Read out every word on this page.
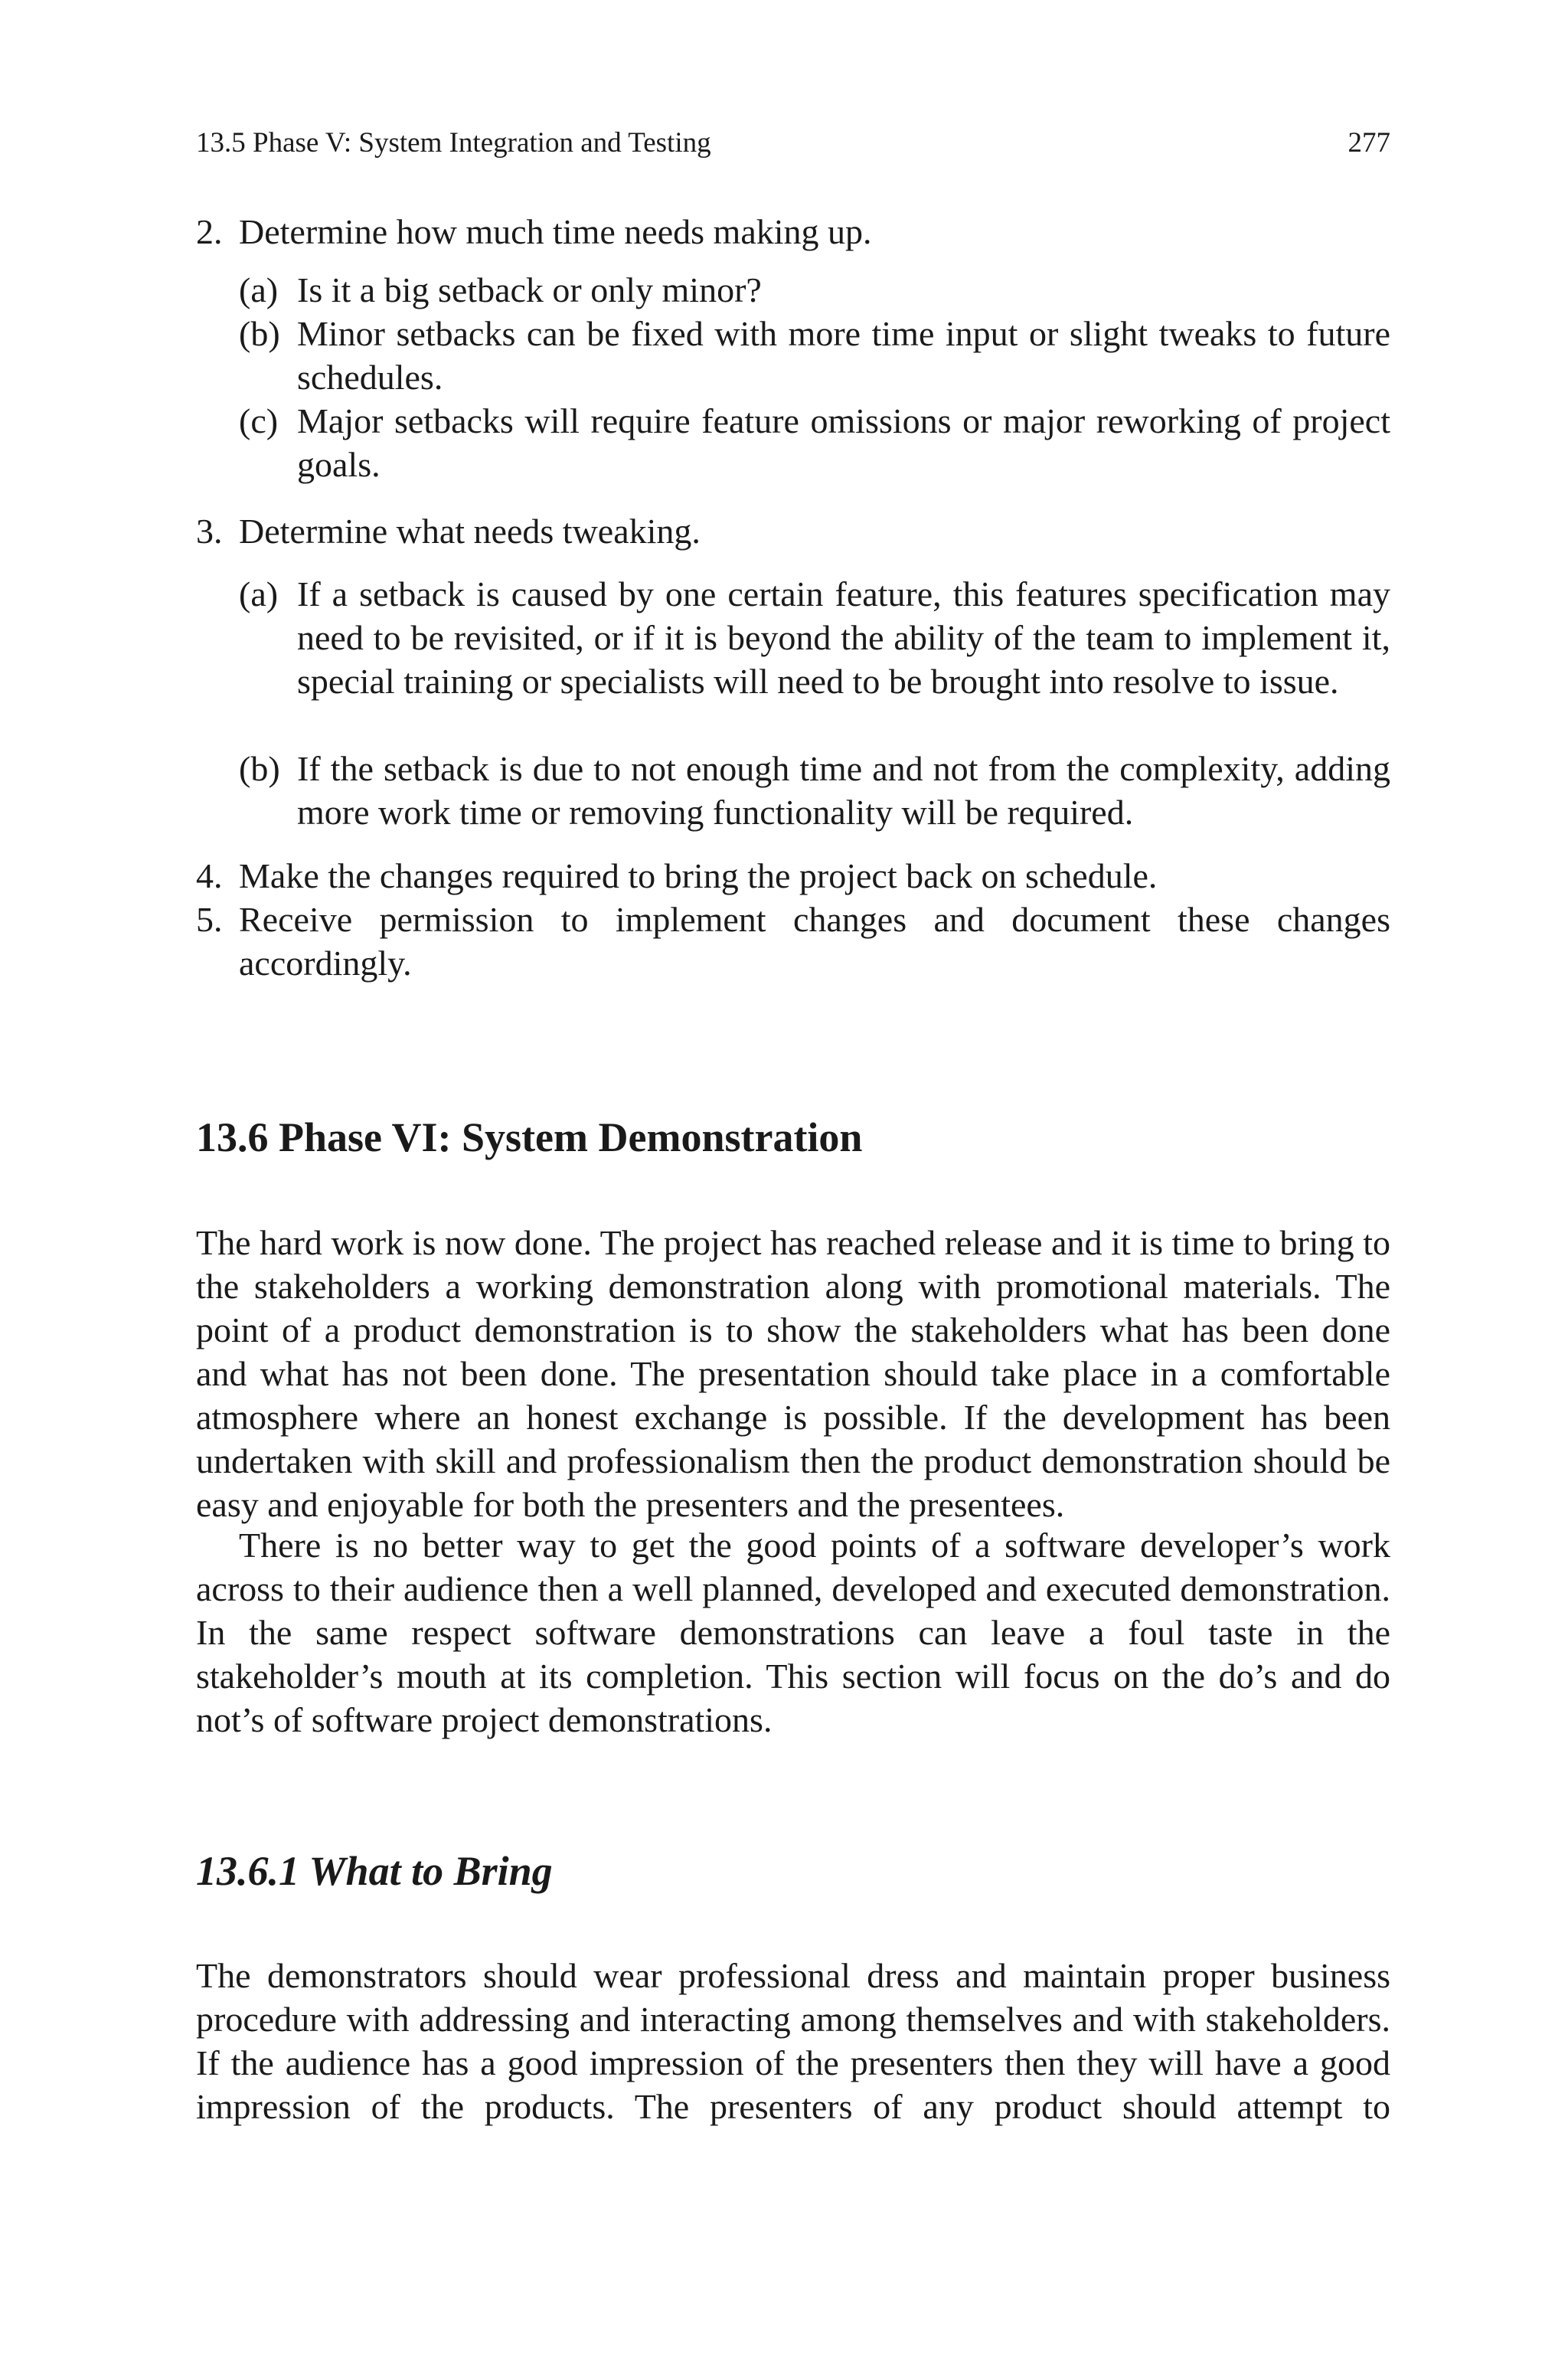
13.5 Phase V: System Integration and Testing	277
2. Determine how much time needs making up.
(a) Is it a big setback or only minor?
(b) Minor setbacks can be fixed with more time input or slight tweaks to future schedules.
(c) Major setbacks will require feature omissions or major reworking of project goals.
3. Determine what needs tweaking.
(a) If a setback is caused by one certain feature, this features specification may need to be revisited, or if it is beyond the ability of the team to implement it, special training or specialists will need to be brought into resolve to issue.
(b) If the setback is due to not enough time and not from the complexity, adding more work time or removing functionality will be required.
4. Make the changes required to bring the project back on schedule.
5. Receive permission to implement changes and document these changes accordingly.
13.6 Phase VI: System Demonstration

The hard work is now done. The project has reached release and it is time to bring to the stakeholders a working demonstration along with promotional materials. The point of a product demonstration is to show the stakeholders what has been done and what has not been done. The presentation should take place in a comfortable atmosphere where an honest exchange is possible. If the development has been undertaken with skill and professionalism then the product demonstration should be easy and enjoyable for both the presenters and the presentees.

There is no better way to get the good points of a software developer’s work across to their audience then a well planned, developed and executed demonstration. In the same respect software demonstrations can leave a foul taste in the stakeholder’s mouth at its completion. This section will focus on the do’s and do not’s of software project demonstrations.

13.6.1 What to Bring

The demonstrators should wear professional dress and maintain proper business procedure with addressing and interacting among themselves and with stakeholders. If the audience has a good impression of the presenters then they will have a good impression of the products. The presenters of any product should attempt to
